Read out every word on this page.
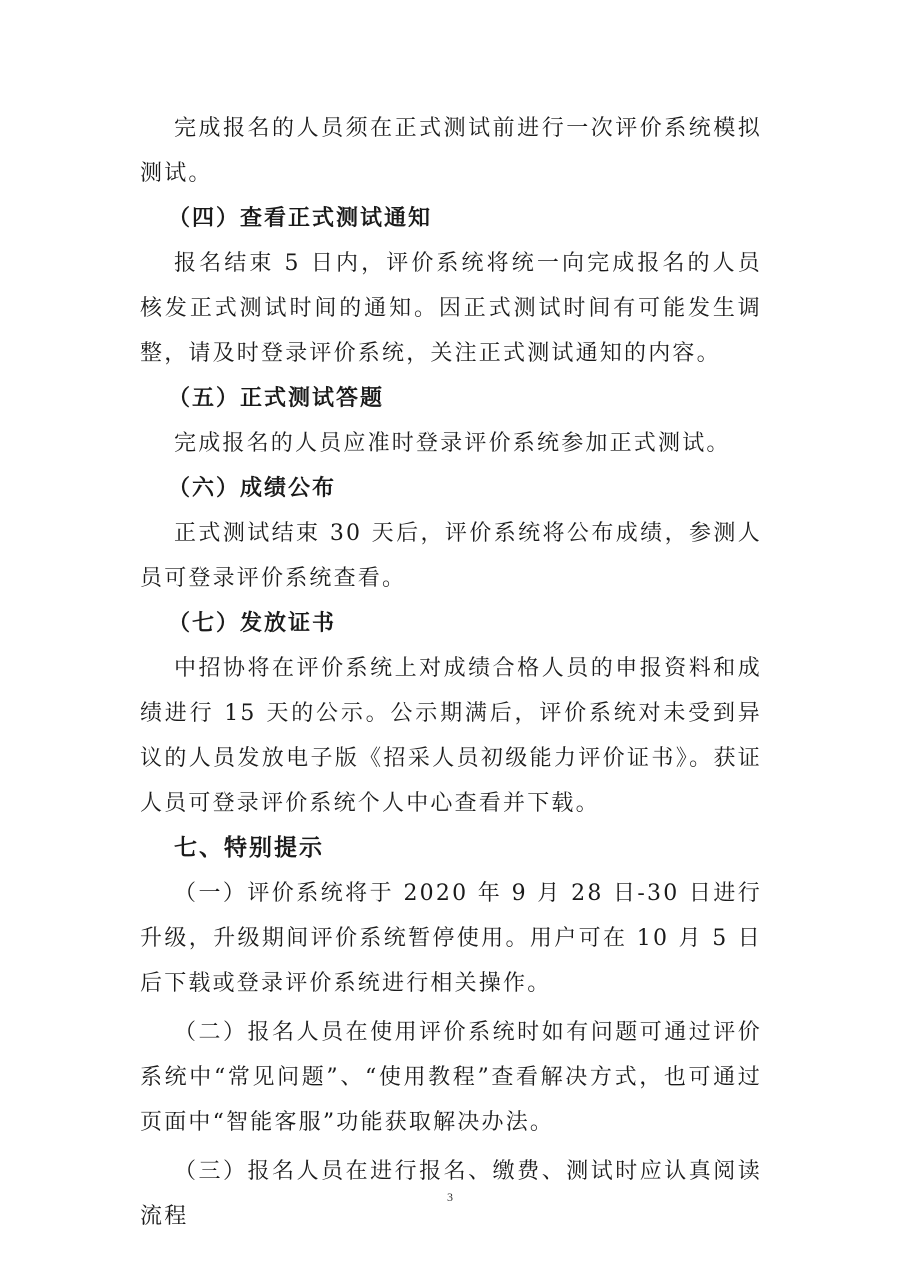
完成报名的人员须在正式测试前进行一次评价系统模拟测试。

（四）查看正式测试通知

报名结束 5 日内，评价系统将统一向完成报名的人员核发正式测试时间的通知。因正式测试时间有可能发生调整，请及时登录评价系统，关注正式测试通知的内容。

（五）正式测试答题

完成报名的人员应准时登录评价系统参加正式测试。

（六）成绩公布

正式测试结束 30 天后，评价系统将公布成绩，参测人员可登录评价系统查看。

（七）发放证书

中招协将在评价系统上对成绩合格人员的申报资料和成绩进行 15 天的公示。公示期满后，评价系统对未受到异议的人员发放电子版《招采人员初级能力评价证书》。获证人员可登录评价系统个人中心查看并下载。

七、特别提示

（一）评价系统将于 2020 年 9 月 28 日-30 日进行升级，升级期间评价系统暂停使用。用户可在 10 月 5 日后下载或登录评价系统进行相关操作。

（二）报名人员在使用评价系统时如有问题可通过评价系统中“常见问题”、“使用教程”查看解决方式，也可通过页面中“智能客服”功能获取解决办法。

（三）报名人员在进行报名、缴费、测试时应认真阅读流程

3
